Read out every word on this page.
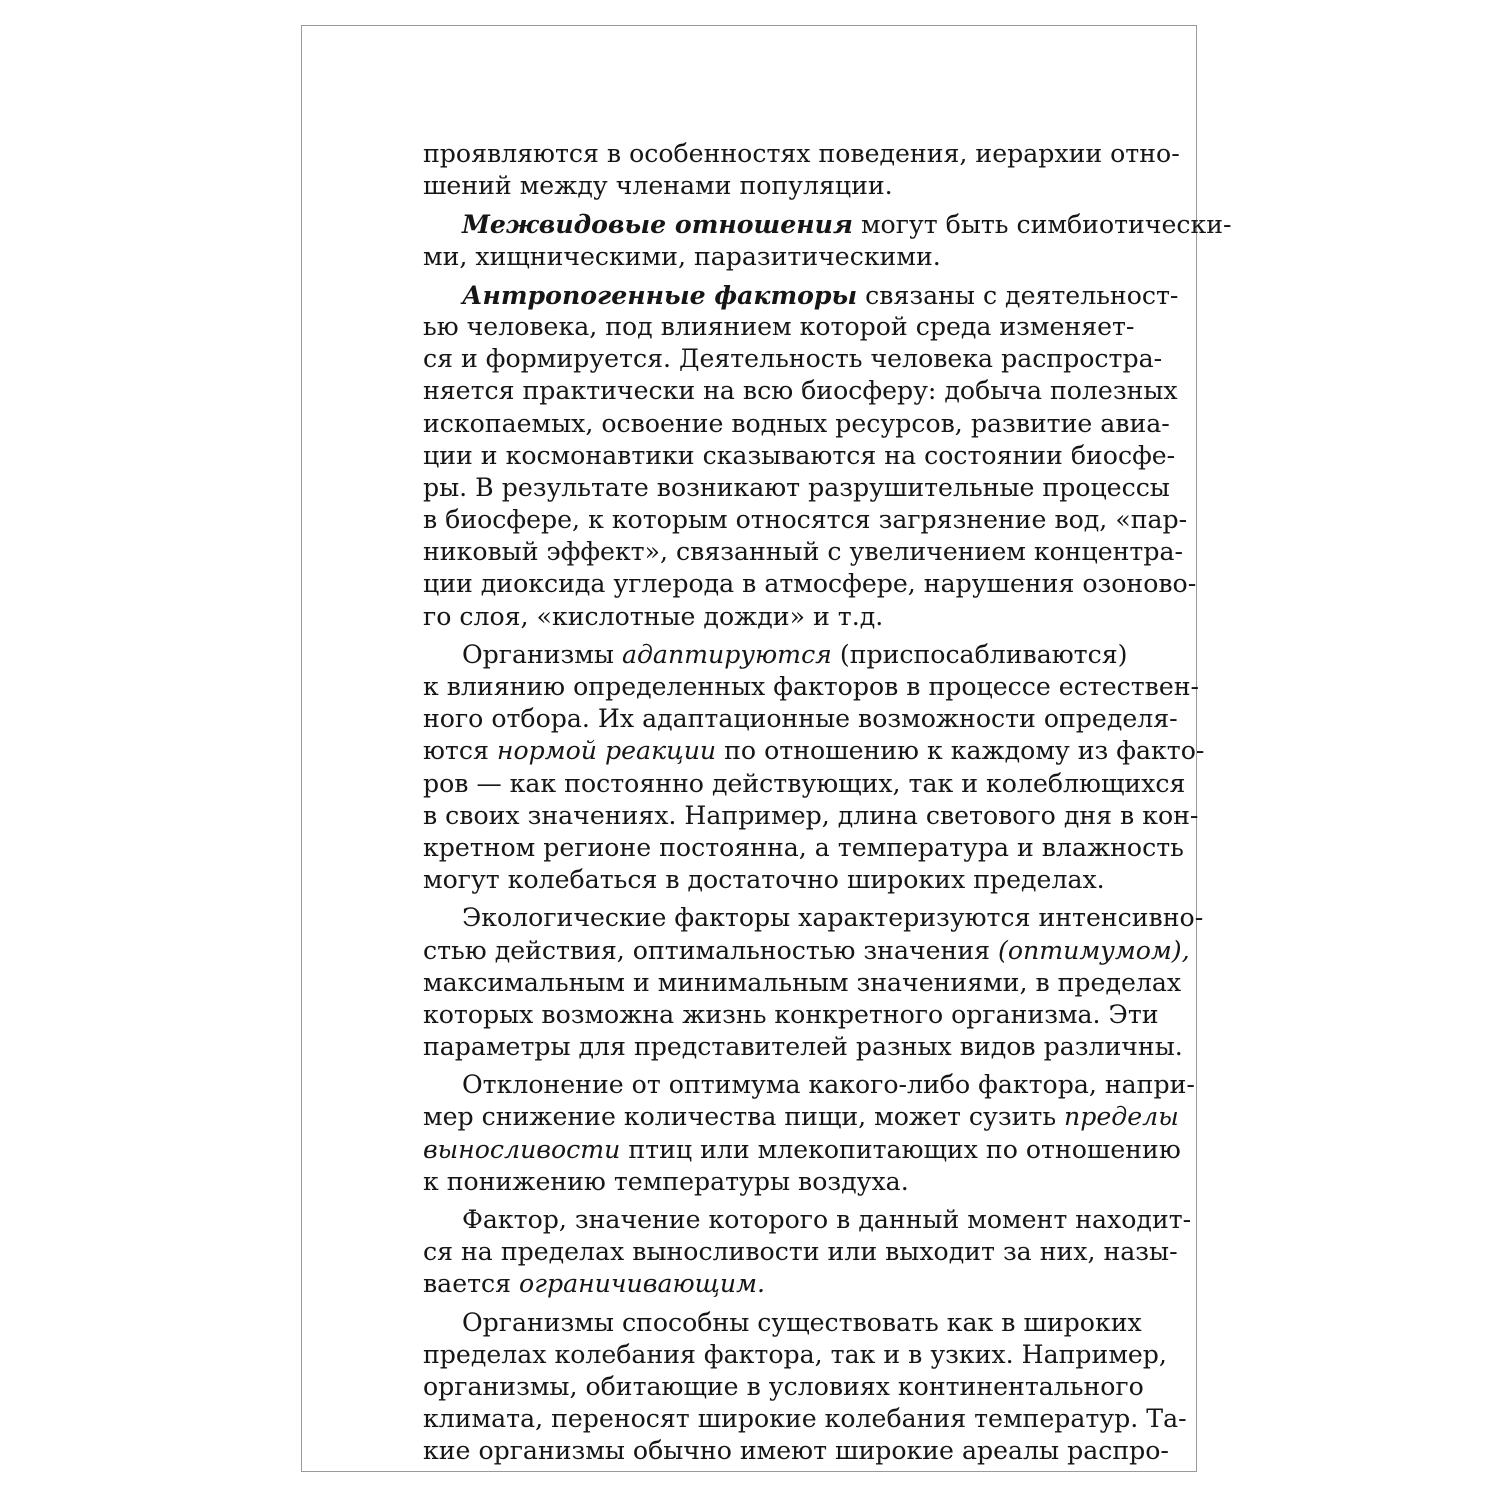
проявляются в особенностях поведения, иерархии отно-
шений между членами популяции.
Межвидовые отношения могут быть симбиотически-
ми, хищническими, паразитическими.
Антропогенные факторы связаны с деятельност-
ью человека, под влиянием которой среда изменяет-
ся и формируется. Деятельность человека распростра-
няется практически на всю биосферу: добыча полезных
ископаемых, освоение водных ресурсов, развитие авиа-
ции и космонавтики сказываются на состоянии биосфе-
ры. В результате возникают разрушительные процессы
в биосфере, к которым относятся загрязнение вод, «пар-
никовый эффект», связанный с увеличением концентра-
ции диоксида углерода в атмосфере, нарушения озоново-
го слоя, «кислотные дожди» и т.д.
Организмы адаптируются (приспосабливаются)
к влиянию определенных факторов в процессе естествен-
ного отбора. Их адаптационные возможности определя-
ются нормой реакции по отношению к каждому из факто-
ров — как постоянно действующих, так и колеблющихся
в своих значениях. Например, длина светового дня в кон-
кретном регионе постоянна, а температура и влажность
могут колебаться в достаточно широких пределах.
Экологические факторы характеризуются интенсивно-
стью действия, оптимальностью значения (оптимумом),
максимальным и минимальным значениями, в пределах
которых возможна жизнь конкретного организма. Эти
параметры для представителей разных видов различны.
Отклонение от оптимума какого-либо фактора, напри-
мер снижение количества пищи, может сузить пределы
выносливости птиц или млекопитающих по отношению
к понижению температуры воздуха.
Фактор, значение которого в данный момент находит-
ся на пределах выносливости или выходит за них, назы-
вается ограничивающим.
Организмы способны существовать как в широких
пределах колебания фактора, так и в узких. Например,
организмы, обитающие в условиях континентального
климата, переносят широкие колебания температур. Та-
кие организмы обычно имеют широкие ареалы распро-
